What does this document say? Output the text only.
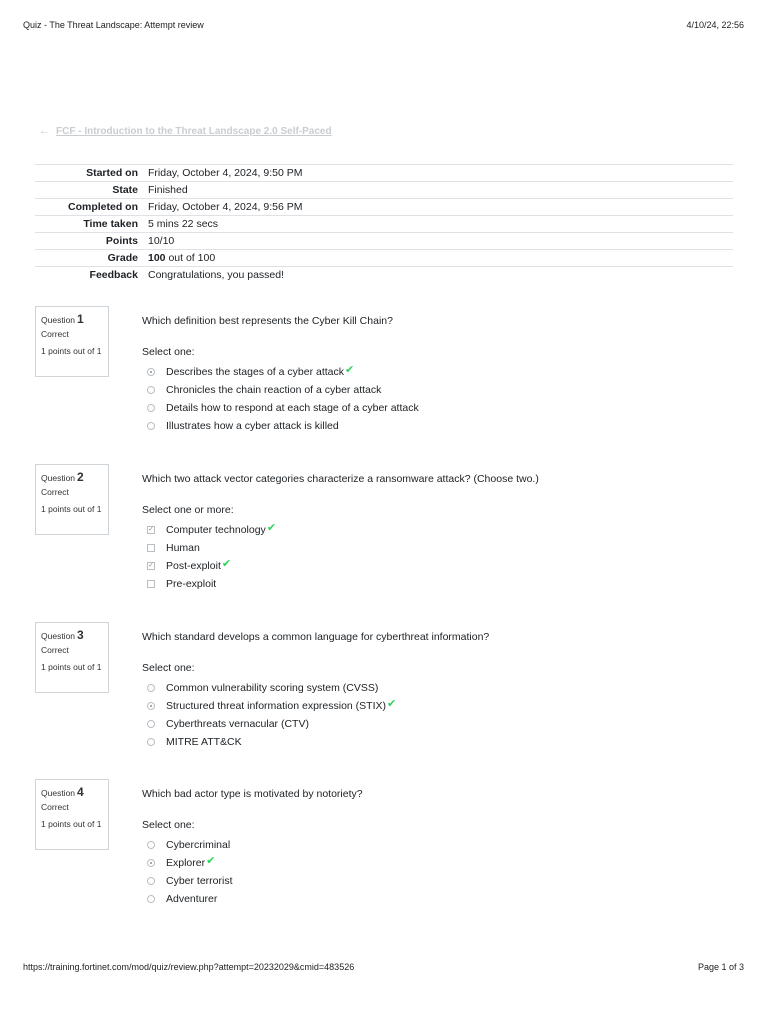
Quiz - The Threat Landscape: Attempt review	4/10/24, 22:56
← FCF - Introduction to the Threat Landscape 2.0 Self-Paced
Started on	Friday, October 4, 2024, 9:50 PM
State	Finished
Completed on	Friday, October 4, 2024, 9:56 PM
Time taken	5 mins 22 secs
Points	10/10
Grade	100 out of 100
Feedback	Congratulations, you passed!
Question 1
Correct
1 points out of 1
Which definition best represents the Cyber Kill Chain?
Select one:
Describes the stages of a cyber attack ✔
Chronicles the chain reaction of a cyber attack
Details how to respond at each stage of a cyber attack
Illustrates how a cyber attack is killed
Question 2
Correct
1 points out of 1
Which two attack vector categories characterize a ransomware attack? (Choose two.)
Select one or more:
✓ Computer technology ✔
Human
✓ Post-exploit ✔
Pre-exploit
Question 3
Correct
1 points out of 1
Which standard develops a common language for cyberthreat information?
Select one:
Common vulnerability scoring system (CVSS)
Structured threat information expression (STIX) ✔
Cyberthreats vernacular (CTV)
MITRE ATT&CK
Question 4
Correct
1 points out of 1
Which bad actor type is motivated by notoriety?
Select one:
Cybercriminal
Explorer ✔
Cyber terrorist
Adventurer
https://training.fortinet.com/mod/quiz/review.php?attempt=20232029&cmid=483526	Page 1 of 3
